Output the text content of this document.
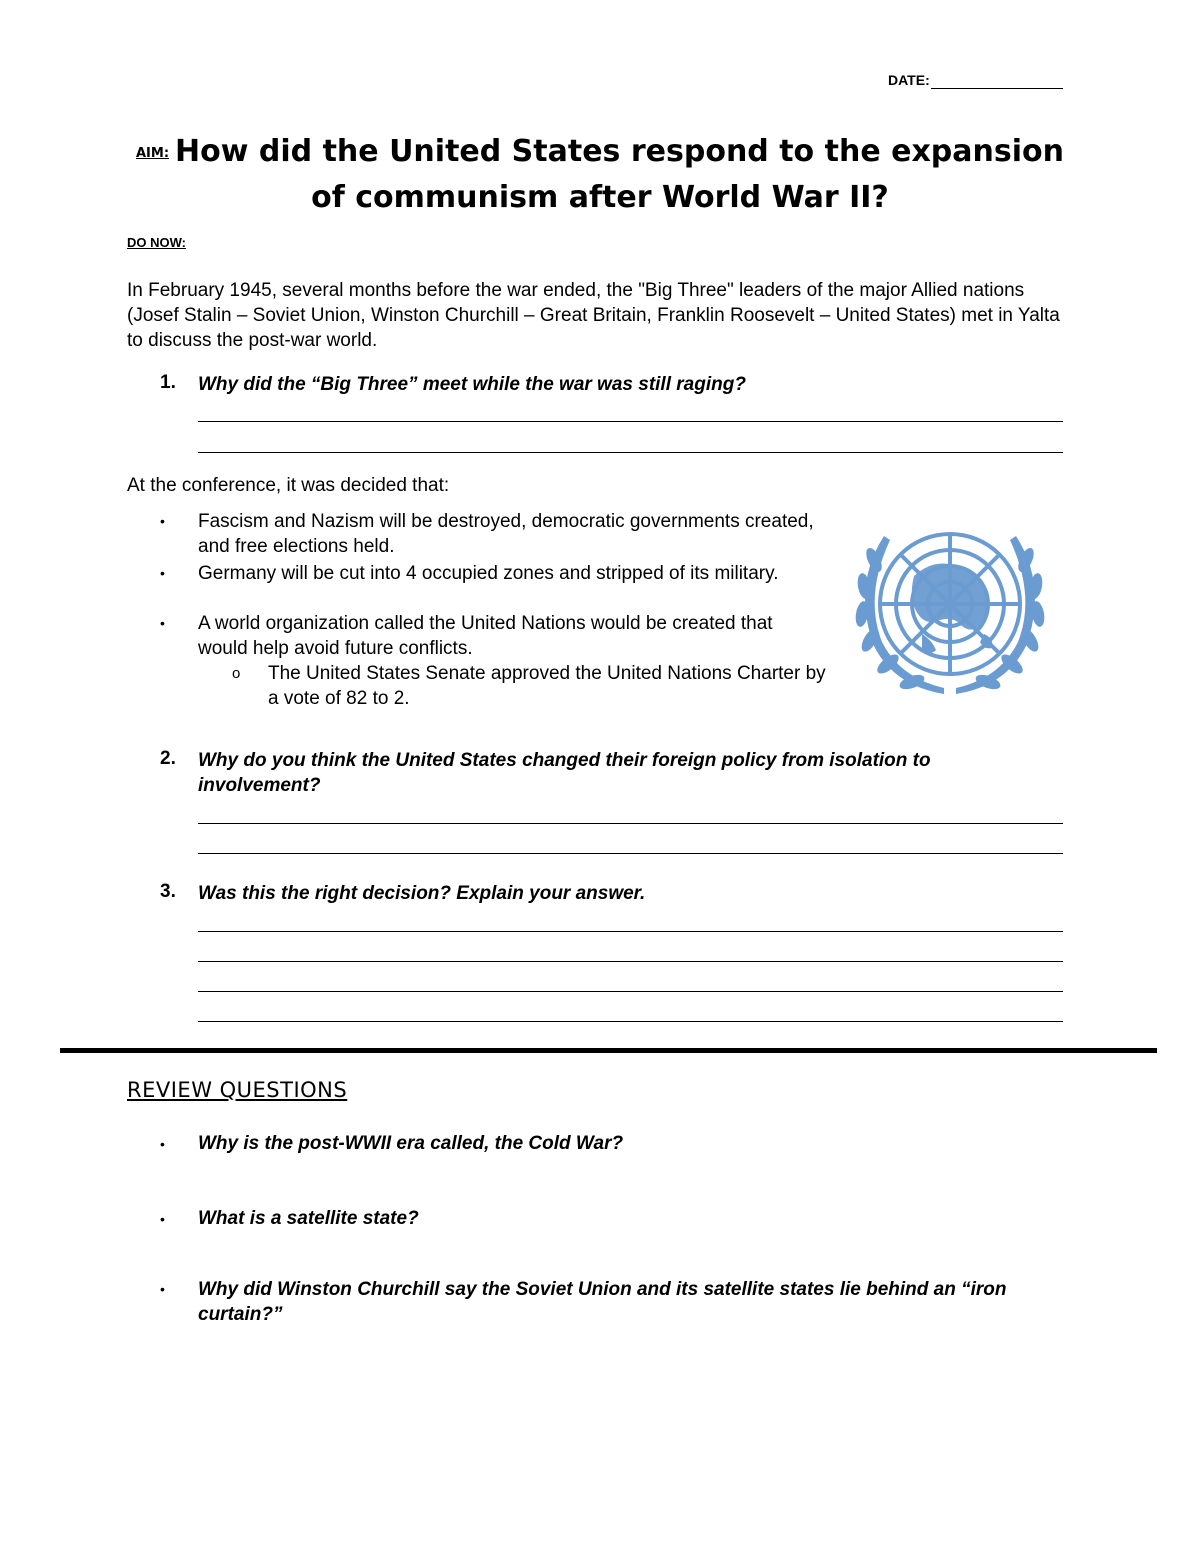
DATE:
AIM: How did the United States respond to the expansion
of communism after World War II?
DO NOW:
In February 1945, several months before the war ended, the "Big Three" leaders of the major Allied nations (Josef Stalin – Soviet Union, Winston Churchill – Great Britain, Franklin Roosevelt – United States) met in Yalta to discuss the post-war world.
1. Why did the “Big Three” meet while the war was still raging?
At the conference, it was decided that:
• Fascism and Nazism will be destroyed, democratic governments created, and free elections held.
• Germany will be cut into 4 occupied zones and stripped of its military.
• A world organization called the United Nations would be created that would help avoid future conflicts.
o The United States Senate approved the United Nations Charter by a vote of 82 to 2.
2. Why do you think the United States changed their foreign policy from isolation to involvement?
3. Was this the right decision? Explain your answer.
REVIEW QUESTIONS
• Why is the post-WWII era called, the Cold War?
• What is a satellite state?
• Why did Winston Churchill say the Soviet Union and its satellite states lie behind an “iron curtain?”
